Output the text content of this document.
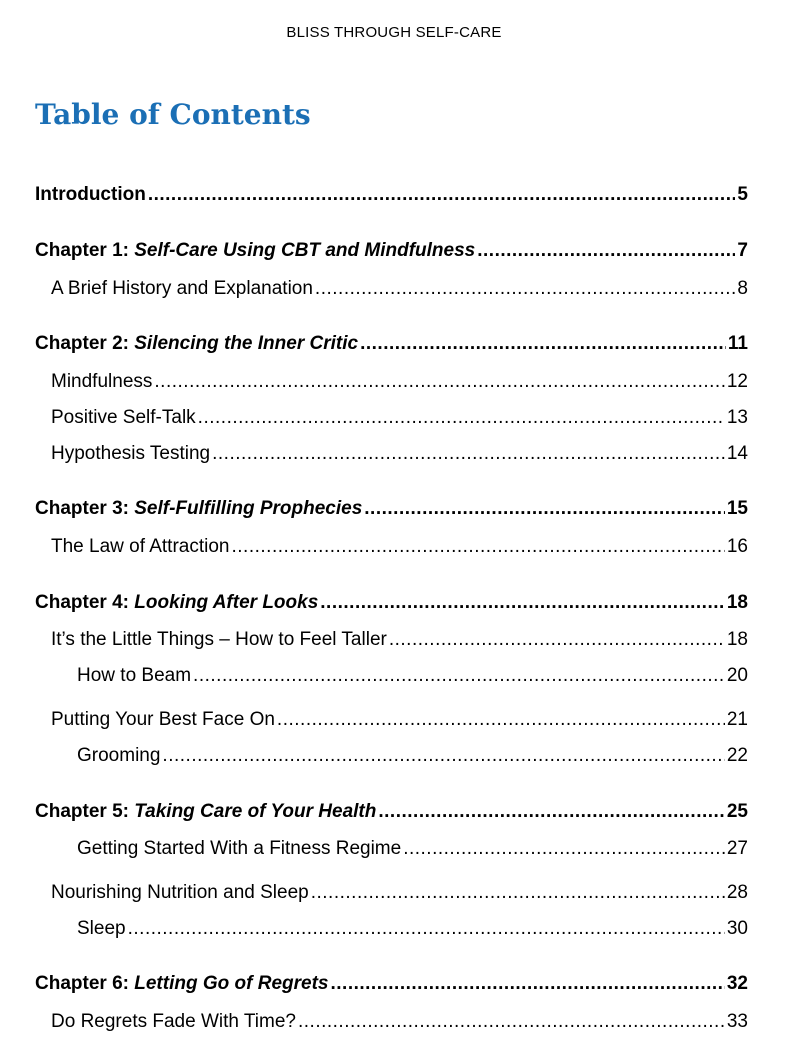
BLISS THROUGH SELF-CARE
Table of Contents
Introduction .....	5
Chapter 1: Self-Care Using CBT and Mindfulness .....	7
A Brief History and Explanation .....	8
Chapter 2: Silencing the Inner Critic .....	11
Mindfulness .....	12
Positive Self-Talk .....	13
Hypothesis Testing .....	14
Chapter 3: Self-Fulfilling Prophecies .....	15
The Law of Attraction .....	16
Chapter 4: Looking After Looks .....	18
It’s the Little Things – How to Feel Taller .....	18
How to Beam .....	20
Putting Your Best Face On .....	21
Grooming .....	22
Chapter 5: Taking Care of Your Health .....	25
Getting Started With a Fitness Regime .....	27
Nourishing Nutrition and Sleep .....	28
Sleep .....	30
Chapter 6: Letting Go of Regrets .....	32
Do Regrets Fade With Time? .....	33
